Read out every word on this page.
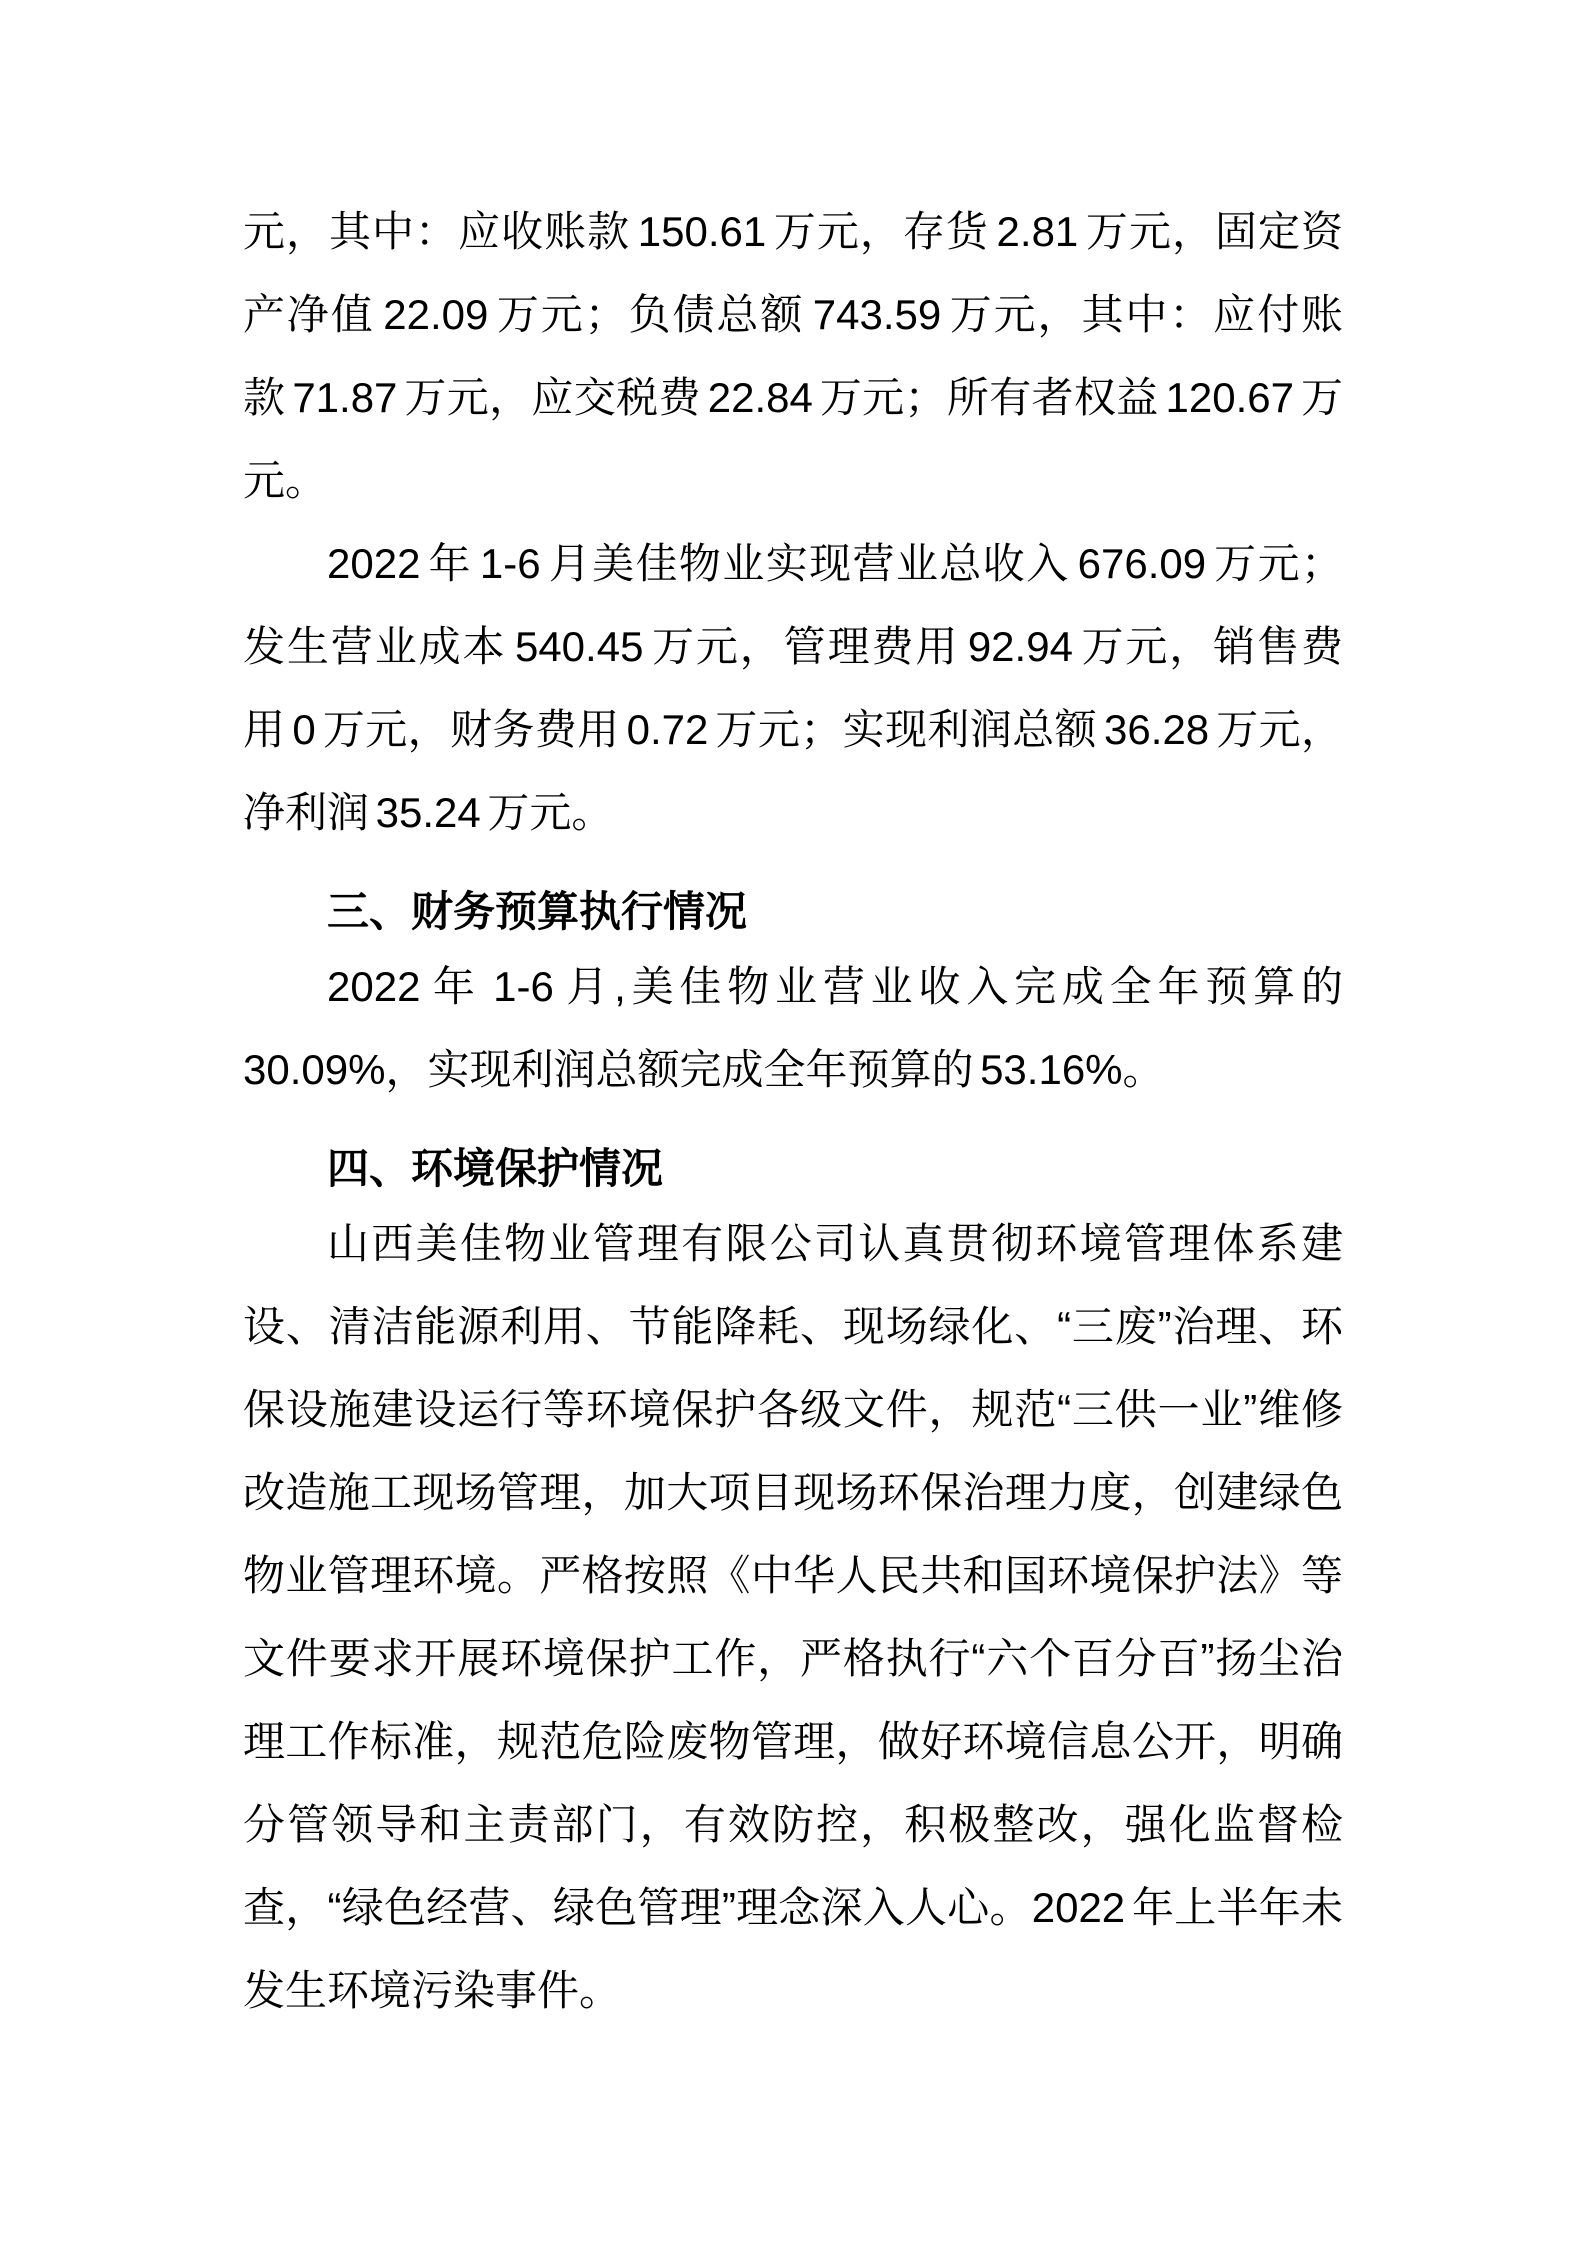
元，其中：应收账款 150.61 万元，存货 2.81 万元，固定资产净值 22.09 万元；负债总额 743.59 万元，其中：应付账款 71.87 万元，应交税费 22.84 万元；所有者权益 120.67 万元。

2022 年 1-6 月美佳物业实现营业总收入 676.09 万元；发生营业成本 540.45 万元，管理费用 92.94 万元，销售费用 0 万元，财务费用 0.72 万元；实现利润总额 36.28 万元，净利润 35.24 万元。

三、财务预算执行情况

2022 年 1-6 月,美佳物业营业收入完成全年预算的 30.09%，实现利润总额完成全年预算的 53.16%。

四、环境保护情况

山西美佳物业管理有限公司认真贯彻环境管理体系建设、清洁能源利用、节能降耗、现场绿化、“三废”治理、环保设施建设运行等环境保护各级文件，规范“三供一业”维修改造施工现场管理，加大项目现场环保治理力度，创建绿色物业管理环境。严格按照《中华人民共和国环境保护法》等文件要求开展环境保护工作，严格执行“六个百分百”扬尘治理工作标准，规范危险废物管理，做好环境信息公开，明确分管领导和主责部门，有效防控，积极整改，强化监督检查，“绿色经营、绿色管理”理念深入人心。2022 年上半年未发生环境污染事件。
